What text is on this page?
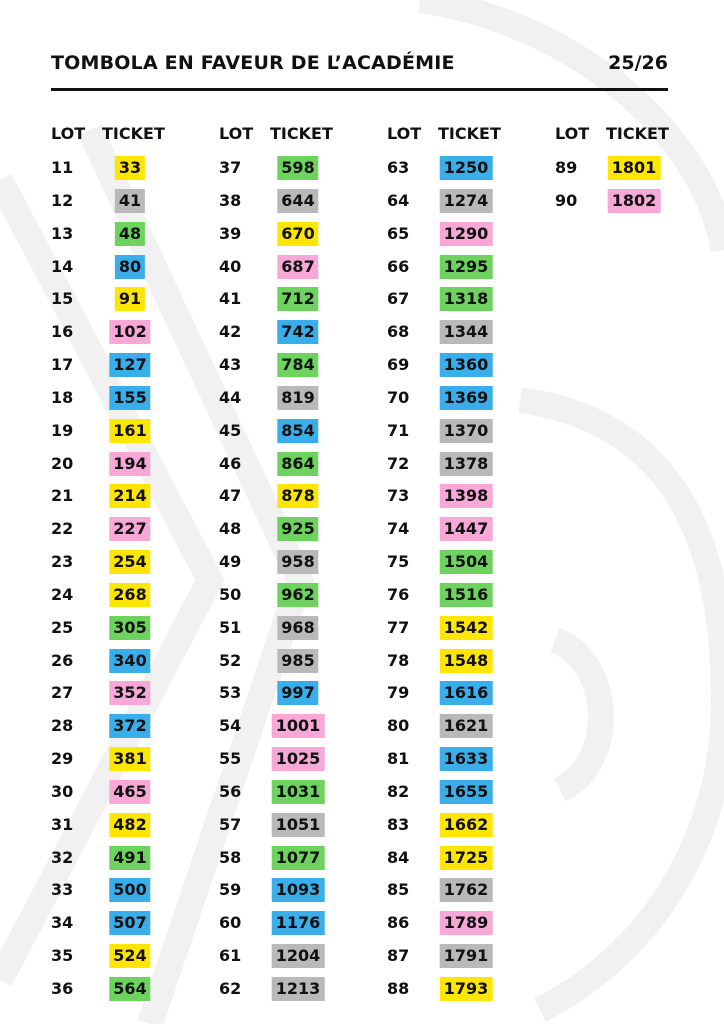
TOMBOLA EN FAVEUR DE L’ACADÉMIE	25/26
LOT TICKET
11	33
12	41
13	48
14	80
15	91
16	102
17	127
18	155
19	161
20	194
21	214
22	227
23	254
24	268
25	305
26	340
27	352
28	372
29	381
30	465
31	482
32	491
33	500
34	507
35	524
36	564
LOT TICKET
37	598
38	644
39	670
40	687
41	712
42	742
43	784
44	819
45	854
46	864
47	878
48	925
49	958
50	962
51	968
52	985
53	997
54 1001
55 1025
56 1031
57 1051
58 1077
59 1093
60 1176
61 1204
62 1213
LOT TICKET
63 1250
64 1274
65 1290
66 1295
67 1318
68 1344
69 1360
70 1369
71 1370
72 1378
73 1398
74 1447
75 1504
76 1516
77 1542
78 1548
79 1616
80 1621
81 1633
82 1655
83 1662
84 1725
85 1762
86 1789
87 1791
88 1793
LOT TICKET
89 1801
90 1802
